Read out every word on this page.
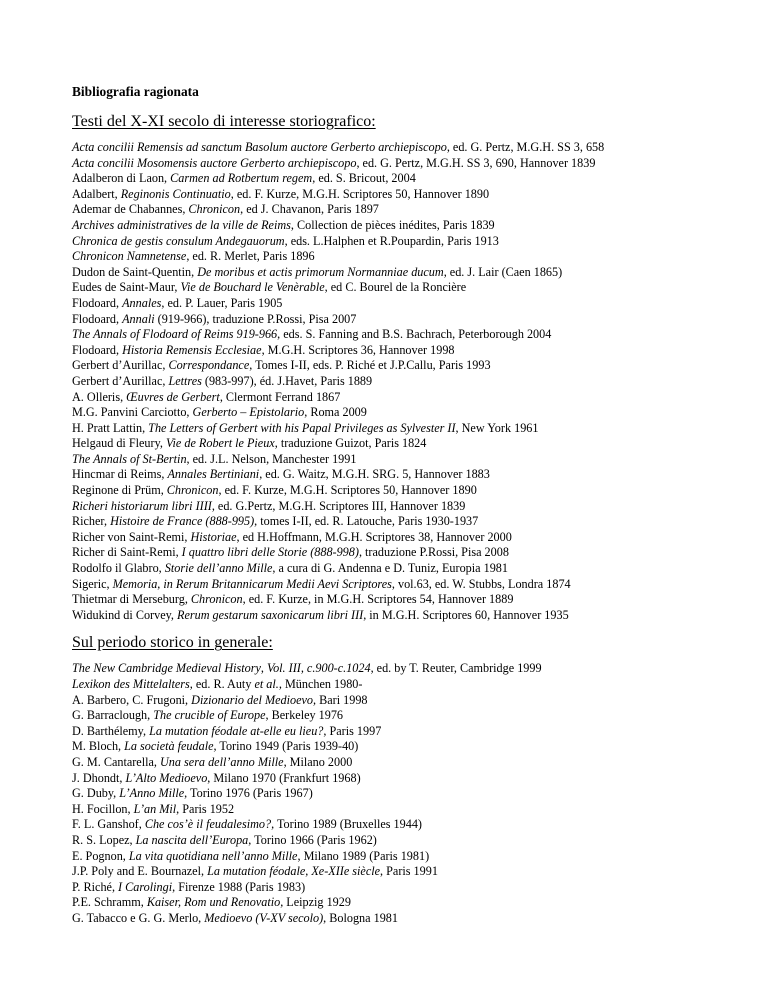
Bibliografia ragionata
Testi del X-XI secolo di interesse storiografico:
Acta concilii Remensis ad sanctum Basolum auctore Gerberto archiepiscopo, ed. G. Pertz, M.G.H. SS 3, 658
Acta concilii Mosomensis auctore Gerberto archiepiscopo, ed. G. Pertz, M.G.H. SS 3, 690, Hannover 1839
Adalberon di Laon, Carmen ad Rotbertum regem, ed. S. Bricout, 2004
Adalbert, Reginonis Continuatio, ed. F. Kurze, M.G.H. Scriptores 50, Hannover 1890
Ademar de Chabannes, Chronicon, ed J. Chavanon, Paris 1897
Archives administratives de la ville de Reims, Collection de pièces inédites, Paris 1839
Chronica de gestis consulum Andegauorum, eds. L.Halphen et R.Poupardin, Paris 1913
Chronicon Namnetense, ed. R. Merlet, Paris 1896
Dudon de Saint-Quentin, De moribus et actis primorum Normanniae ducum, ed. J. Lair (Caen 1865)
Eudes de Saint-Maur, Vie de Bouchard le Venèrable, ed C. Bourel de la Roncière
Flodoard, Annales, ed. P. Lauer, Paris 1905
Flodoard, Annali (919-966), traduzione P.Rossi, Pisa 2007
The Annals of Flodoard of Reims 919-966, eds. S. Fanning and B.S. Bachrach, Peterborough 2004
Flodoard, Historia Remensis Ecclesiae, M.G.H. Scriptores 36, Hannover 1998
Gerbert d’Aurillac, Correspondance, Tomes I-II, eds. P. Riché et J.P.Callu, Paris 1993
Gerbert d’Aurillac, Lettres (983-997), éd. J.Havet, Paris 1889
A. Olleris, Œuvres de Gerbert, Clermont Ferrand 1867
M.G. Panvini Carciotto, Gerberto – Epistolario, Roma 2009
H. Pratt Lattin, The Letters of Gerbert with his Papal Privileges as Sylvester II, New York 1961
Helgaud di Fleury, Vie de Robert le Pieux, traduzione Guizot, Paris 1824
The Annals of St-Bertin, ed. J.L. Nelson, Manchester 1991
Hincmar di Reims, Annales Bertiniani, ed. G. Waitz, M.G.H. SRG. 5, Hannover 1883
Reginone di Prüm, Chronicon, ed. F. Kurze, M.G.H. Scriptores 50, Hannover 1890
Richeri historiarum libri IIII, ed. G.Pertz, M.G.H. Scriptores III, Hannover 1839
Richer, Histoire de France (888-995), tomes I-II, ed. R. Latouche, Paris 1930-1937
Richer von Saint-Remi, Historiae, ed H.Hoffmann, M.G.H. Scriptores 38, Hannover 2000
Richer di Saint-Remi, I quattro libri delle Storie (888-998), traduzione P.Rossi, Pisa 2008
Rodolfo il Glabro, Storie dell’anno Mille, a cura di G. Andenna e D. Tuniz, Europia 1981
Sigeric, Memoria, in Rerum Britannicarum Medii Aevi Scriptores, vol.63, ed. W. Stubbs, Londra 1874
Thietmar di Merseburg, Chronicon, ed. F. Kurze, in M.G.H. Scriptores 54, Hannover 1889
Widukind di Corvey, Rerum gestarum saxonicarum libri III, in M.G.H. Scriptores 60, Hannover 1935
Sul periodo storico in generale:
The New Cambridge Medieval History, Vol. III, c.900-c.1024, ed. by T. Reuter, Cambridge 1999
Lexikon des Mittelalters, ed. R. Auty et al., München 1980-
A. Barbero, C. Frugoni, Dizionario del Medioevo, Bari 1998
G. Barraclough, The crucible of Europe, Berkeley 1976
D. Barthélemy, La mutation féodale at-elle eu lieu?, Paris 1997
M. Bloch, La società feudale, Torino 1949 (Paris 1939-40)
G. M. Cantarella, Una sera dell’anno Mille, Milano 2000
J. Dhondt, L’Alto Medioevo, Milano 1970 (Frankfurt 1968)
G. Duby, L’Anno Mille, Torino 1976 (Paris 1967)
H. Focillon, L’an Mil, Paris 1952
F. L. Ganshof, Che cos’è il feudalesimo?, Torino 1989 (Bruxelles 1944)
R. S. Lopez, La nascita dell’Europa, Torino 1966 (Paris 1962)
E. Pognon, La vita quotidiana nell’anno Mille, Milano 1989 (Paris 1981)
J.P. Poly and E. Bournazel, La mutation féodale, Xe-XIIe siècle, Paris 1991
P. Riché, I Carolingi, Firenze 1988 (Paris 1983)
P.E. Schramm, Kaiser, Rom und Renovatio, Leipzig 1929
G. Tabacco e G. G. Merlo, Medioevo (V-XV secolo), Bologna 1981
